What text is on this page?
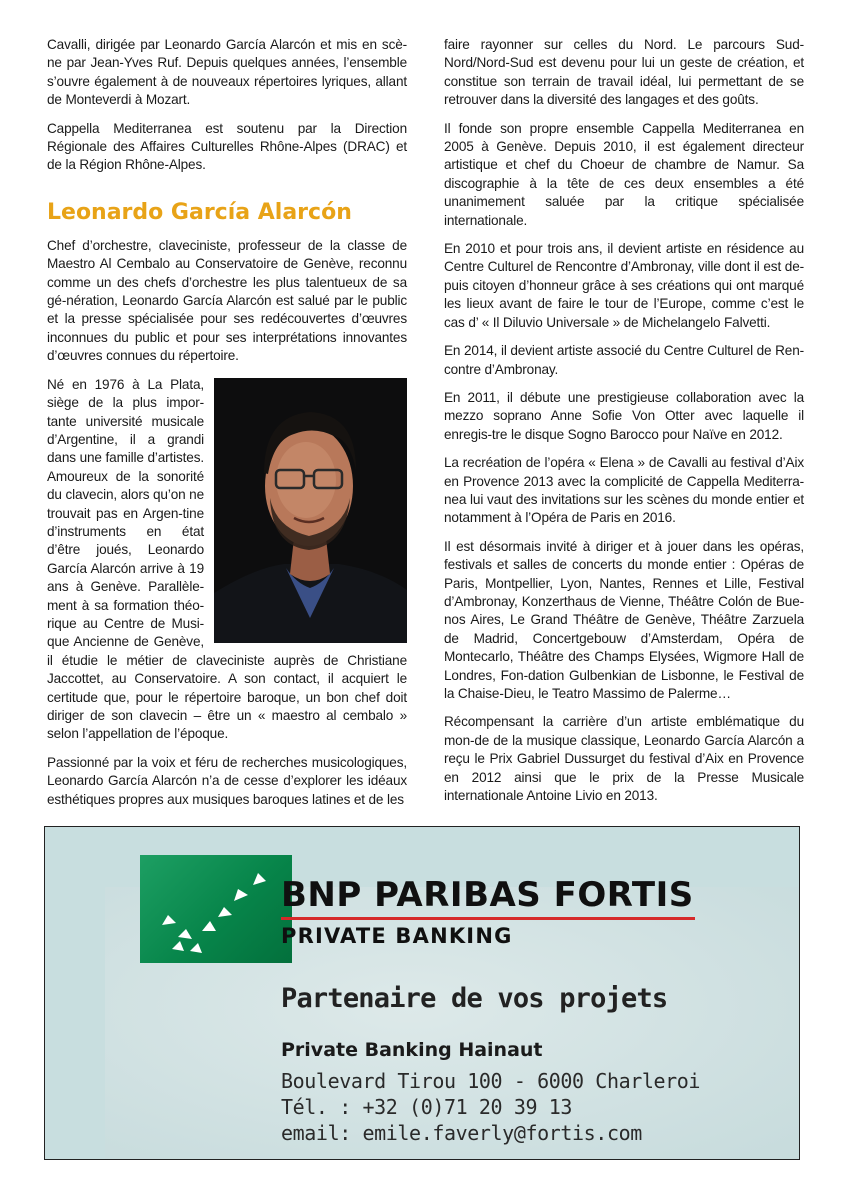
Cavalli, dirigée par Leonardo García Alarcón et mis en scè-ne par Jean-Yves Ruf. Depuis quelques années, l’ensemble s’ouvre également à de nouveaux répertoires lyriques, allant de Monteverdi à Mozart.

Cappella Mediterranea est soutenu par la Direction Régionale des Affaires Culturelles Rhône-Alpes (DRAC) et de la Région Rhône-Alpes.

Leonardo García Alarcón

Chef d’orchestre, claveciniste, professeur de la classe de Maestro Al Cembalo au Conservatoire de Genève, reconnu comme un des chefs d’orchestre les plus talentueux de sa gé-nération, Leonardo García Alarcón est salué par le public et la presse spécialisée pour ses redécouvertes d’œuvres inconnues du public et pour ses interprétations innovantes d’œuvres connues du répertoire.

Né en 1976 à La Plata, siège de la plus impor-tante université musicale d’Argentine, il a grandi dans une famille d’artistes. Amoureux de la sonorité du clavecin, alors qu’on ne trouvait pas en Argen-tine d’instruments en état d’être joués, Leonardo García Alarcón arrive à 19 ans à Genève. Parallèle-ment à sa formation théo-rique au Centre de Musi-que Ancienne de Genève, il étudie le métier de claveciniste auprès de Christiane Jaccottet, au Conservatoire. A son contact, il acquiert le certitude que, pour le répertoire baroque, un bon chef doit diriger de son clavecin – être un « maestro al cembalo » selon l’appellation de l’époque.

Passionné par la voix et féru de recherches musicologiques, Leonardo García Alarcón n’a de cesse d’explorer les idéaux esthétiques propres aux musiques baroques latines et de les

faire rayonner sur celles du Nord. Le parcours Sud-Nord/Nord-Sud est devenu pour lui un geste de création, et constitue son terrain de travail idéal, lui permettant de se retrouver dans la diversité des langages et des goûts.

Il fonde son propre ensemble Cappella Mediterranea en 2005 à Genève. Depuis 2010, il est également directeur artistique et chef du Choeur de chambre de Namur. Sa discographie à la tête de ces deux ensembles a été unanimement saluée par la critique spécialisée internationale.

En 2010 et pour trois ans, il devient artiste en résidence au Centre Culturel de Rencontre d’Ambronay, ville dont il est de-puis citoyen d’honneur grâce à ses créations qui ont marqué les lieux avant de faire le tour de l’Europe, comme c’est le cas d’ « Il Diluvio Universale » de Michelangelo Falvetti.

En 2014, il devient artiste associé du Centre Culturel de Ren-contre d’Ambronay.

En 2011, il débute une prestigieuse collaboration avec la mezzo soprano Anne Sofie Von Otter avec laquelle il enregis-tre le disque Sogno Barocco pour Naïve en 2012.

La recréation de l’opéra « Elena » de Cavalli au festival d’Aix en Provence 2013 avec la complicité de Cappella Mediterra-nea lui vaut des invitations sur les scènes du monde entier et notamment à l’Opéra de Paris en 2016.

Il est désormais invité à diriger et à jouer dans les opéras, festivals et salles de concerts du monde entier : Opéras de Paris, Montpellier, Lyon, Nantes, Rennes et Lille, Festival d’Ambronay, Konzerthaus de Vienne, Théâtre Colón de Bue-nos Aires, Le Grand Théâtre de Genève, Théâtre Zarzuela de Madrid, Concertgebouw d’Amsterdam, Opéra de Montecarlo, Théâtre des Champs Elysées, Wigmore Hall de Londres, Fon-dation Gulbenkian de Lisbonne, le Festival de la Chaise-Dieu, le Teatro Massimo de Palerme…

Récompensant la carrière d’un artiste emblématique du mon-de de la musique classique, Leonardo García Alarcón a reçu le Prix Gabriel Dussurget du festival d’Aix en Provence en 2012 ainsi que le prix de la Presse Musicale internationale Antoine Livio en 2013.

BNP PARIBAS FORTIS
PRIVATE BANKING
Partenaire de vos projets
Private Banking Hainaut
Boulevard Tirou 100 - 6000 Charleroi
Tél. : +32 (0)71 20 39 13
email: emile.faverly@fortis.com
